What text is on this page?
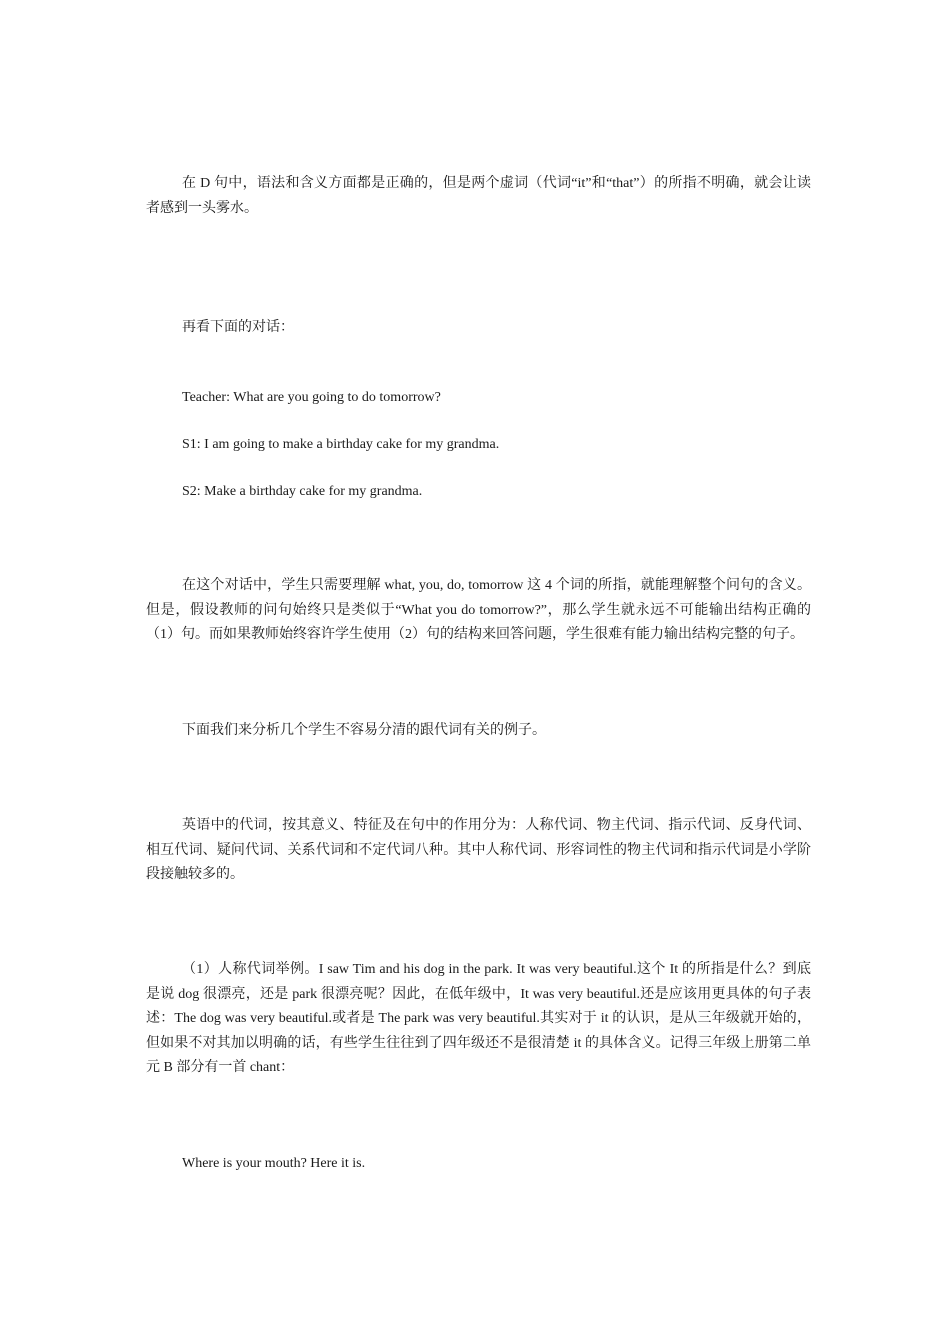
在 D 句中，语法和含义方面都是正确的，但是两个虚词（代词“it”和“that”）的所指不明确，就会让读者感到一头雾水。

再看下面的对话：

Teacher: What are you going to do tomorrow?

S1: I am going to make a birthday cake for my grandma.

S2: Make a birthday cake for my grandma.

在这个对话中，学生只需要理解 what, you, do, tomorrow 这 4 个词的所指，就能理解整个问句的含义。但是，假设教师的问句始终只是类似于“What you do tomorrow?”，那么学生就永远不可能输出结构正确的（1）句。而如果教师始终容许学生使用（2）句的结构来回答问题，学生很难有能力输出结构完整的句子。

下面我们来分析几个学生不容易分清的跟代词有关的例子。

英语中的代词，按其意义、特征及在句中的作用分为：人称代词、物主代词、指示代词、反身代词、相互代词、疑问代词、关系代词和不定代词八种。其中人称代词、形容词性的物主代词和指示代词是小学阶段接触较多的。

（1）人称代词举例。I saw Tim and his dog in the park. It was very beautiful.这个 It 的所指是什么？到底是说 dog 很漂亮，还是 park 很漂亮呢？因此，在低年级中，It was very beautiful.还是应该用更具体的句子表述：The dog was very beautiful.或者是 The park was very beautiful.其实对于 it 的认识，是从三年级就开始的，但如果不对其加以明确的话，有些学生往往到了四年级还不是很清楚 it 的具体含义。记得三年级上册第二单元 B 部分有一首 chant：

Where is your mouth? Here it is.
